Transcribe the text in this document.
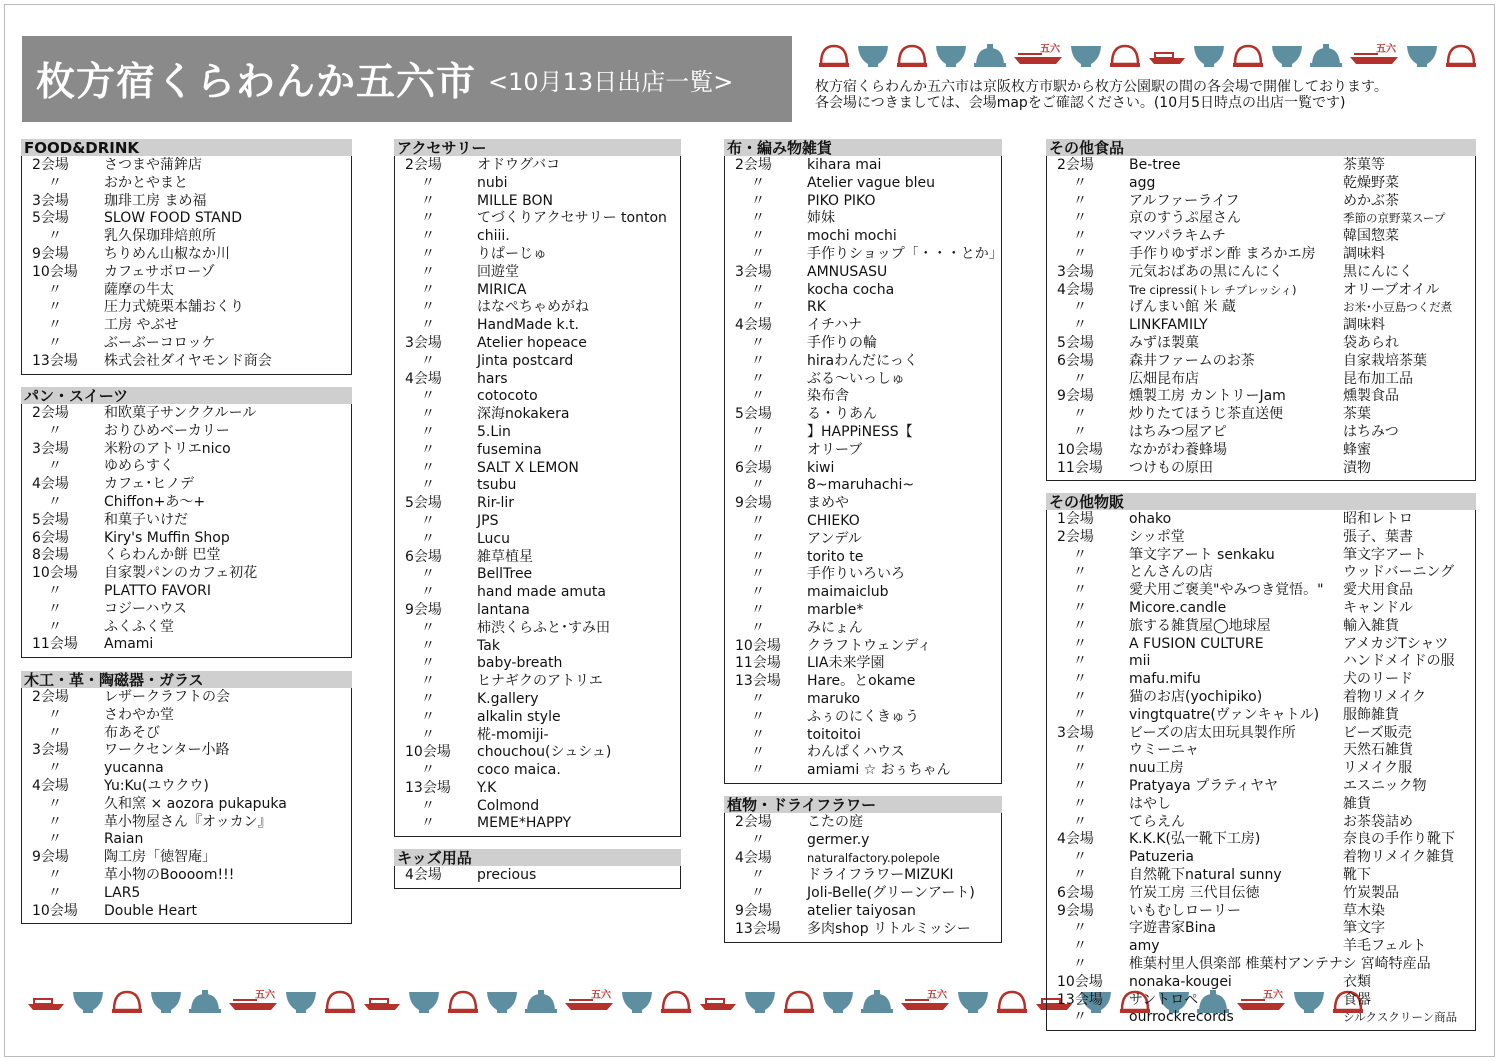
枚方宿くらわんか五六市 <10月13日出店一覧>	枚方宿くらわんか五六市は京阪枚方市駅から枚方公園駅の間の各会場で開催しております。
各会場につきましては、会場mapをご確認ください。(10月5日時点の出店一覧です)
五六	五六
五六	五六	五六	五六
FOOD&DRINK
2会場	さつまや蒲鉾店
〃	おかとやまと
3会場	珈琲工房 まめ福
5会場	SLOW FOOD STAND
〃	乳久保珈琲焙煎所
9会場	ちりめん山椒なか川
10会場	カフェサボローゾ
〃	薩摩の牛太
〃	圧力式焼栗本舗おくり
〃	工房 やぶせ
〃	ぶーぶーコロッケ
13会場	株式会社ダイヤモンド商会
パン・スイーツ
2会場	和欧菓子サンククルール
〃	おりひめベーカリー
3会場	米粉のアトリエnico
〃	ゆめらすく
4会場	カフェ･ヒノデ
〃	Chiffon+あ〜+
5会場	和菓子いけだ
6会場	Kiry's Muffin Shop
8会場	くらわんか餅 巴堂
10会場	自家製パンのカフェ初花
〃	PLATTO FAVORI
〃	コジーハウス
〃	ふくふく堂
11会場	Amami
木工・革・陶磁器・ガラス
2会場	レザークラフトの会
〃	さわやか堂
〃	布あそび
3会場	ワークセンター小路
〃	yucanna
4会場	Yu:Ku(ユウクウ)
〃	久和窯 × aozora pukapuka
〃	革小物屋さん『オッカン』
〃	Raian
9会場	陶工房「徳智庵」
〃	革小物のBoooom!!!
〃	LAR5
10会場	Double Heart
アクセサリー
2会場	オドウグバコ
〃	nubi
〃	MILLE BON
〃	てづくりアクセサリー tonton
〃	chiii.
〃	りぱーじゅ
〃	回遊堂
〃	MIRICA
〃	はなぺちゃめがね
〃	HandMade k.t.
3会場	Atelier hopeace
〃	Jinta postcard
4会場	hars
〃	cotocoto
〃	深海nokakera
〃	5.Lin
〃	fusemina
〃	SALT X LEMON
〃	tsubu
5会場	Rir-lir
〃	JPS
〃	Lucu
6会場	雑草植星
〃	BellTree
〃	hand made amuta
9会場	lantana
〃	柿渋くらふと･すみ田
〃	Tak
〃	baby-breath
〃	ヒナギクのアトリエ
〃	K.gallery
〃	alkalin style
〃	椛-momiji-
10会場	chouchou(シュシュ)
〃	coco maica.
13会場	Y.K
〃	Colmond
〃	MEME*HAPPY
キッズ用品
4会場	precious
布・編み物雑貨
2会場	kihara mai
〃	Atelier vague bleu
〃	PIKO PIKO
〃	姉妹
〃	mochi mochi
〃	手作りショップ「・・・とか」
3会場	AMNUSASU
〃	kocha cocha
〃	RK
4会場	イチハナ
〃	手作りの輪
〃	hiraわんだにっく
〃	ぶる〜いっしゅ
〃	染布舎
5会場	る・りあん
〃	】HAPPiNESS【
〃	オリーブ
6会場	kiwi
〃	8~maruhachi~
9会場	まめや
〃	CHIEKO
〃	アンデル
〃	torito te
〃	手作りいろいろ
〃	maimaiclub
〃	marble*
〃	みにょん
10会場	クラフトウェンディ
11会場	LIA未来学園
13会場	Hare。とokame
〃	maruko
〃	ふぅのにくきゅう
〃	toitoitoi
〃	わんぱくハウス
〃	amiami ☆ おぅちゃん
植物・ドライフラワー
2会場	こたの庭
〃	germer.y
4会場	naturalfactory.polepole
〃	ドライフラワーMIZUKI
〃	Joli-Belle(グリーンアート)
9会場	atelier taiyosan
13会場	多肉shop リトルミッシー
その他食品
2会場	Be-tree	茶菓等
〃	agg	乾燥野菜
〃	アルファーライフ	めかぶ茶
〃	京のすうぷ屋さん	季節の京野菜スープ
〃	マツパラキムチ	韓国惣菜
〃	手作りゆずポン酢 まろかエ房	調味料
3会場	元気おばあの黒にんにく	黒にんにく
4会場	Tre cipressi(トレ チプレッシィ)	オリーブオイル
〃	げんまい館 米 蔵	お米･小豆島つくだ煮
〃	LINKFAMILY	調味料
5会場	みずほ製菓	袋あられ
6会場	森井ファームのお茶	自家栽培茶葉
〃	広畑昆布店	昆布加工品
9会場	燻製工房 カントリーJam	燻製食品
〃	炒りたてほうじ茶直送便	茶葉
〃	はちみつ屋アピ	はちみつ
10会場	なかがわ養蜂場	蜂蜜
11会場	つけもの原田	漬物
その他物販
1会場	ohako	昭和レトロ
2会場	シッポ堂	張子、葉書
〃	筆文字アート senkaku	筆文字アート
〃	とんさんの店	ウッドバーニング
〃	愛犬用ご褒美"やみつき覚悟。"	愛犬用食品
〃	Micore.candle	キャンドル
〃	旅する雑貨屋◯地球屋	輸入雑貨
〃	A FUSION CULTURE	アメカジTシャツ
〃	mii	ハンドメイドの服
〃	mafu.mifu	犬のリード
〃	猫のお店(yochipiko)	着物リメイク
〃	vingtquatre(ヴァンキャトル)	服飾雑貨
3会場	ビーズの店太田玩具製作所	ビーズ販売
〃	ウミーニャ	天然石雑貨
〃	nuu工房	リメイク服
〃	Pratyaya プラティヤヤ	エスニック物
〃	はやし	雑貨
〃	てらえん	お茶袋詰め
4会場	K.K.K(弘一靴下工房)	奈良の手作り靴下
〃	Patuzeria	着物リメイク雑貨
〃	自然靴下natural sunny	靴下
6会場	竹炭工房 三代目伝徳	竹炭製品
9会場	いもむしローリー	草木染
〃	字遊書家Bina	筆文字
〃	amy	羊毛フェルト
〃	椎葉村里人倶楽部 椎葉村アンテナシ 宮崎特産品
10会場	nonaka-kougei	衣類
13会場	サントロペ	食器
〃	ourrockrecords	シルクスクリーン商品
